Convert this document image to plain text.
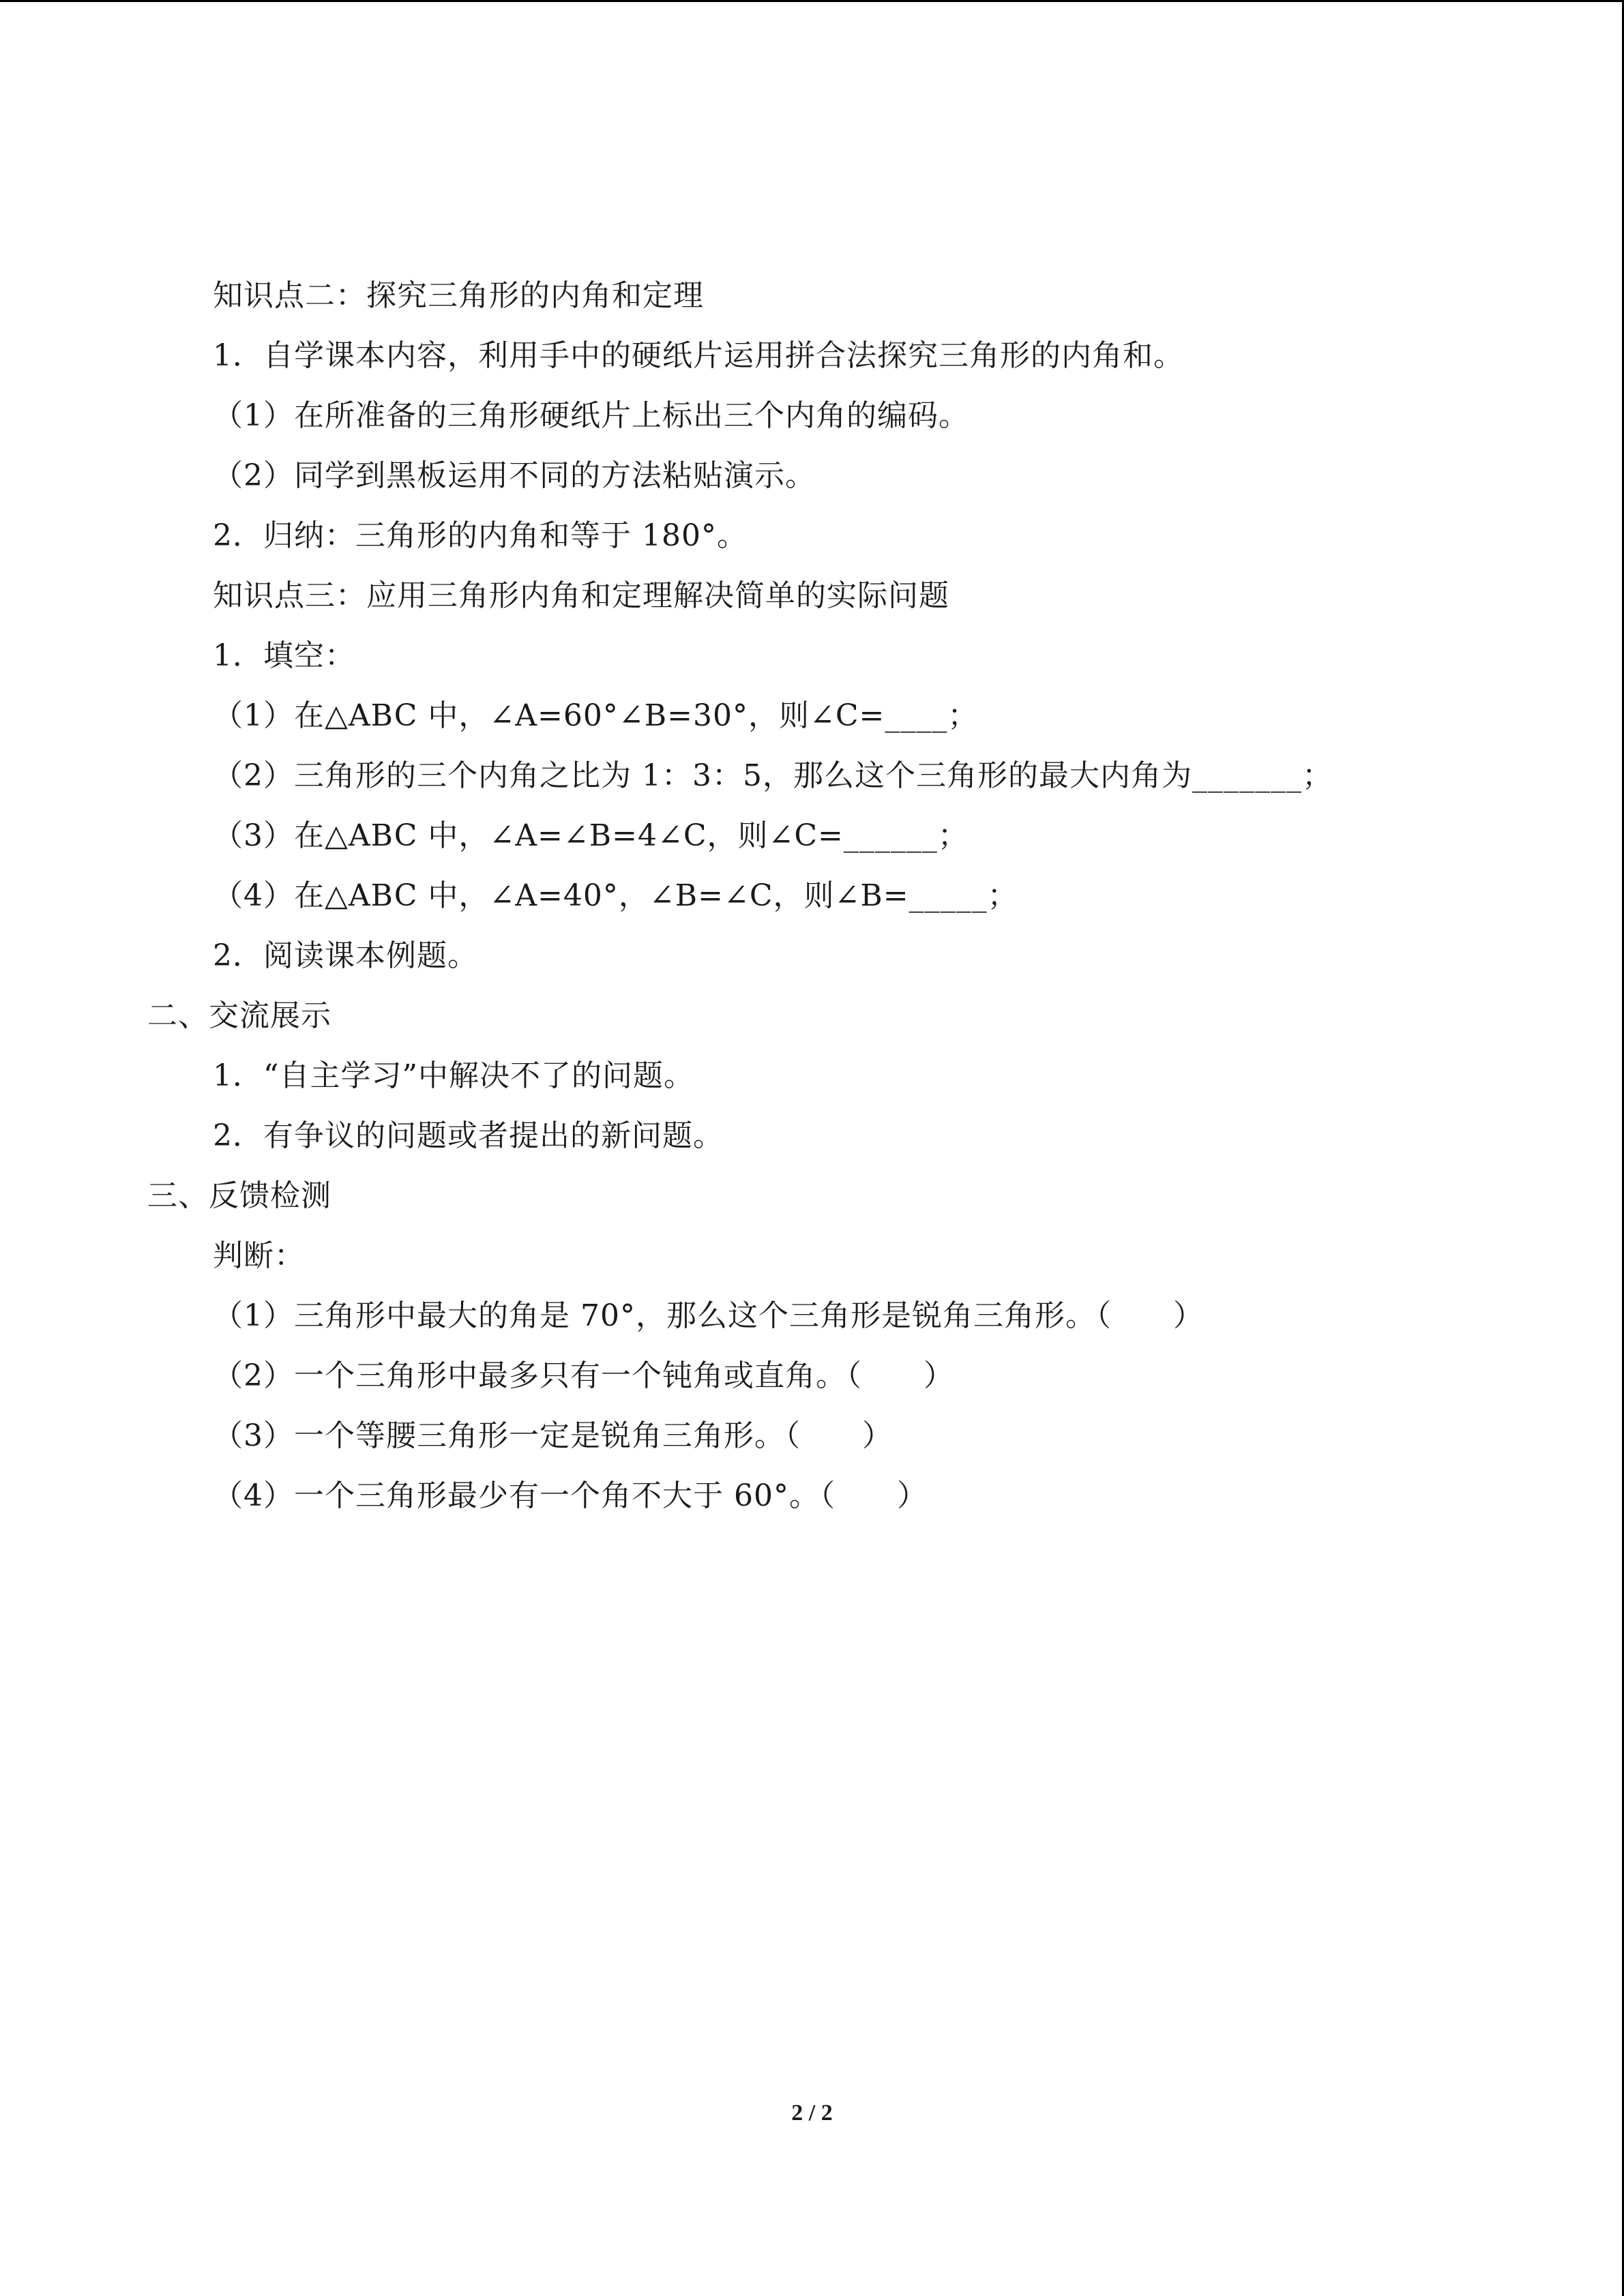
知识点二：探究三角形的内角和定理
1．自学课本内容，利用手中的硬纸片运用拼合法探究三角形的内角和。
（1）在所准备的三角形硬纸片上标出三个内角的编码。
（2）同学到黑板运用不同的方法粘贴演示。
2．归纳：三角形的内角和等于 180°。
知识点三：应用三角形内角和定理解决简单的实际问题
1．填空：
（1）在△ABC 中，∠A=60°∠B=30°，则∠C=____；
（2）三角形的三个内角之比为 1：3：5，那么这个三角形的最大内角为_______；
（3）在△ABC 中，∠A=∠B=4∠C，则∠C=______；
（4）在△ABC 中，∠A=40°，∠B=∠C，则∠B=_____；
2．阅读课本例题。
二、交流展示
1．“自主学习”中解决不了的问题。
2．有争议的问题或者提出的新问题。
三、反馈检测
判断：
（1）三角形中最大的角是 70°，那么这个三角形是锐角三角形。（　　）
（2）一个三角形中最多只有一个钝角或直角。（　　）
（3）一个等腰三角形一定是锐角三角形。（　　）
（4）一个三角形最少有一个角不大于 60°。（　　）
2 / 2
